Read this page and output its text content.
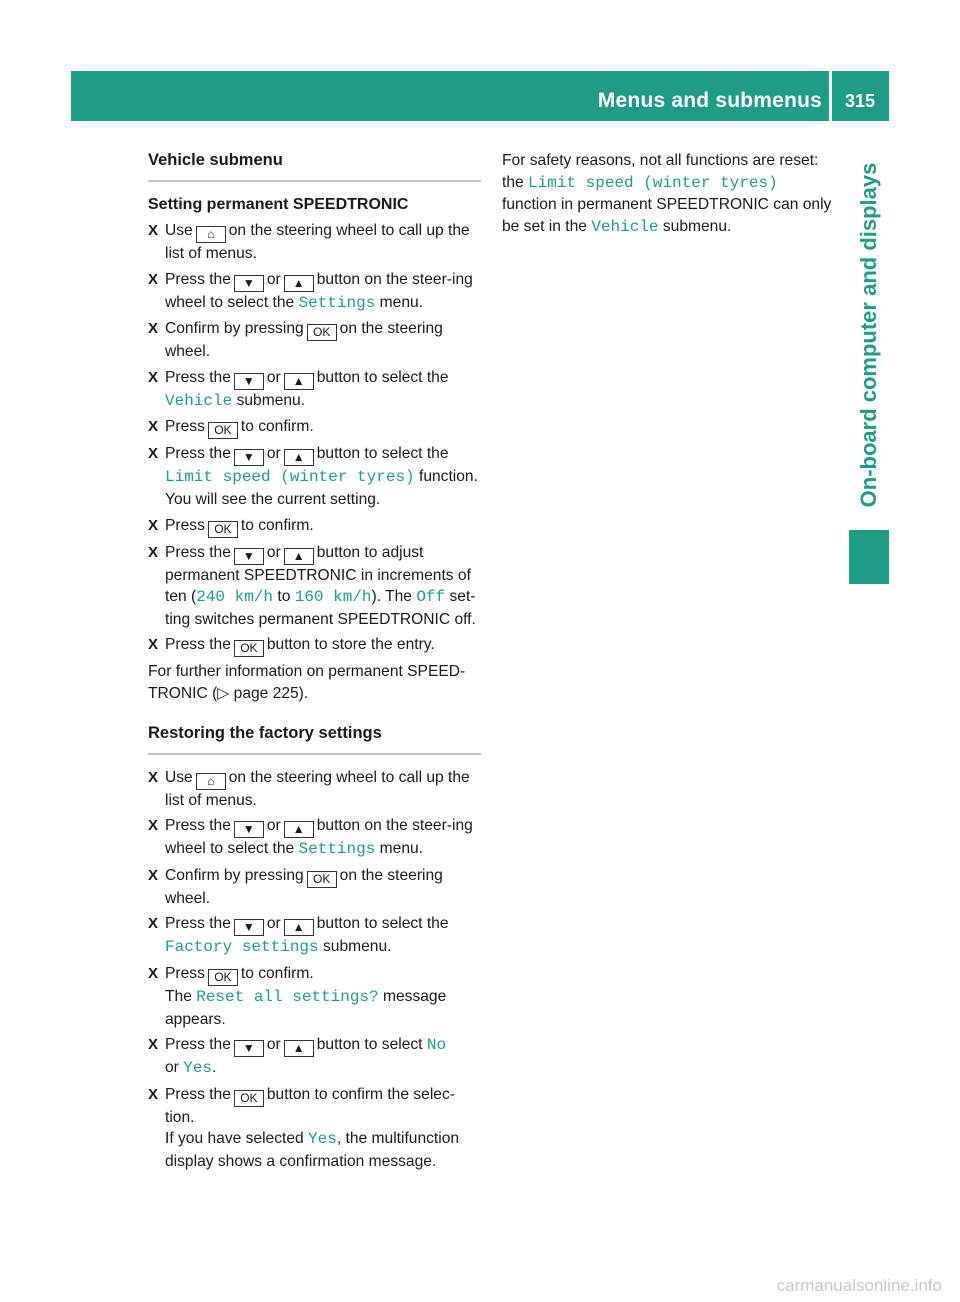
Menus and submenus	315
On-board computer and displays
Vehicle submenu
Setting permanent SPEEDTRONIC
X Use ⌂ on the steering wheel to call up the list of menus.
X Press the ▼ or ▲ button on the steer-ing wheel to select the Settings menu.
X Confirm by pressing OK on the steering wheel.
X Press the ▼ or ▲ button to select the Vehicle submenu.
X Press OK to confirm.
X Press the ▼ or ▲ button to select the Limit speed (winter tyres) function.
You will see the current setting.
X Press OK to confirm.
X Press the ▼ or ▲ button to adjust permanent SPEEDTRONIC in increments of ten (240 km/h to 160 km/h). The Off set-ting switches permanent SPEEDTRONIC off.
X Press the OK button to store the entry.

For further information on permanent SPEED-TRONIC (▷ page 225).

Restoring the factory settings
X Use ⌂ on the steering wheel to call up the list of menus.
X Press the ▼ or ▲ button on the steer-ing wheel to select the Settings menu.
X Confirm by pressing OK on the steering wheel.
X Press the ▼ or ▲ button to select the Factory settings submenu.
X Press OK to confirm.
The Reset all settings? message appears.
X Press the ▼ or ▲ button to select No
or Yes.
X Press the OK button to confirm the selec-tion.
If you have selected Yes, the multifunction display shows a confirmation message.

For safety reasons, not all functions are reset: the Limit speed (winter tyres) function in permanent SPEEDTRONIC can only be set in the Vehicle submenu.

carmanualsonline.info
